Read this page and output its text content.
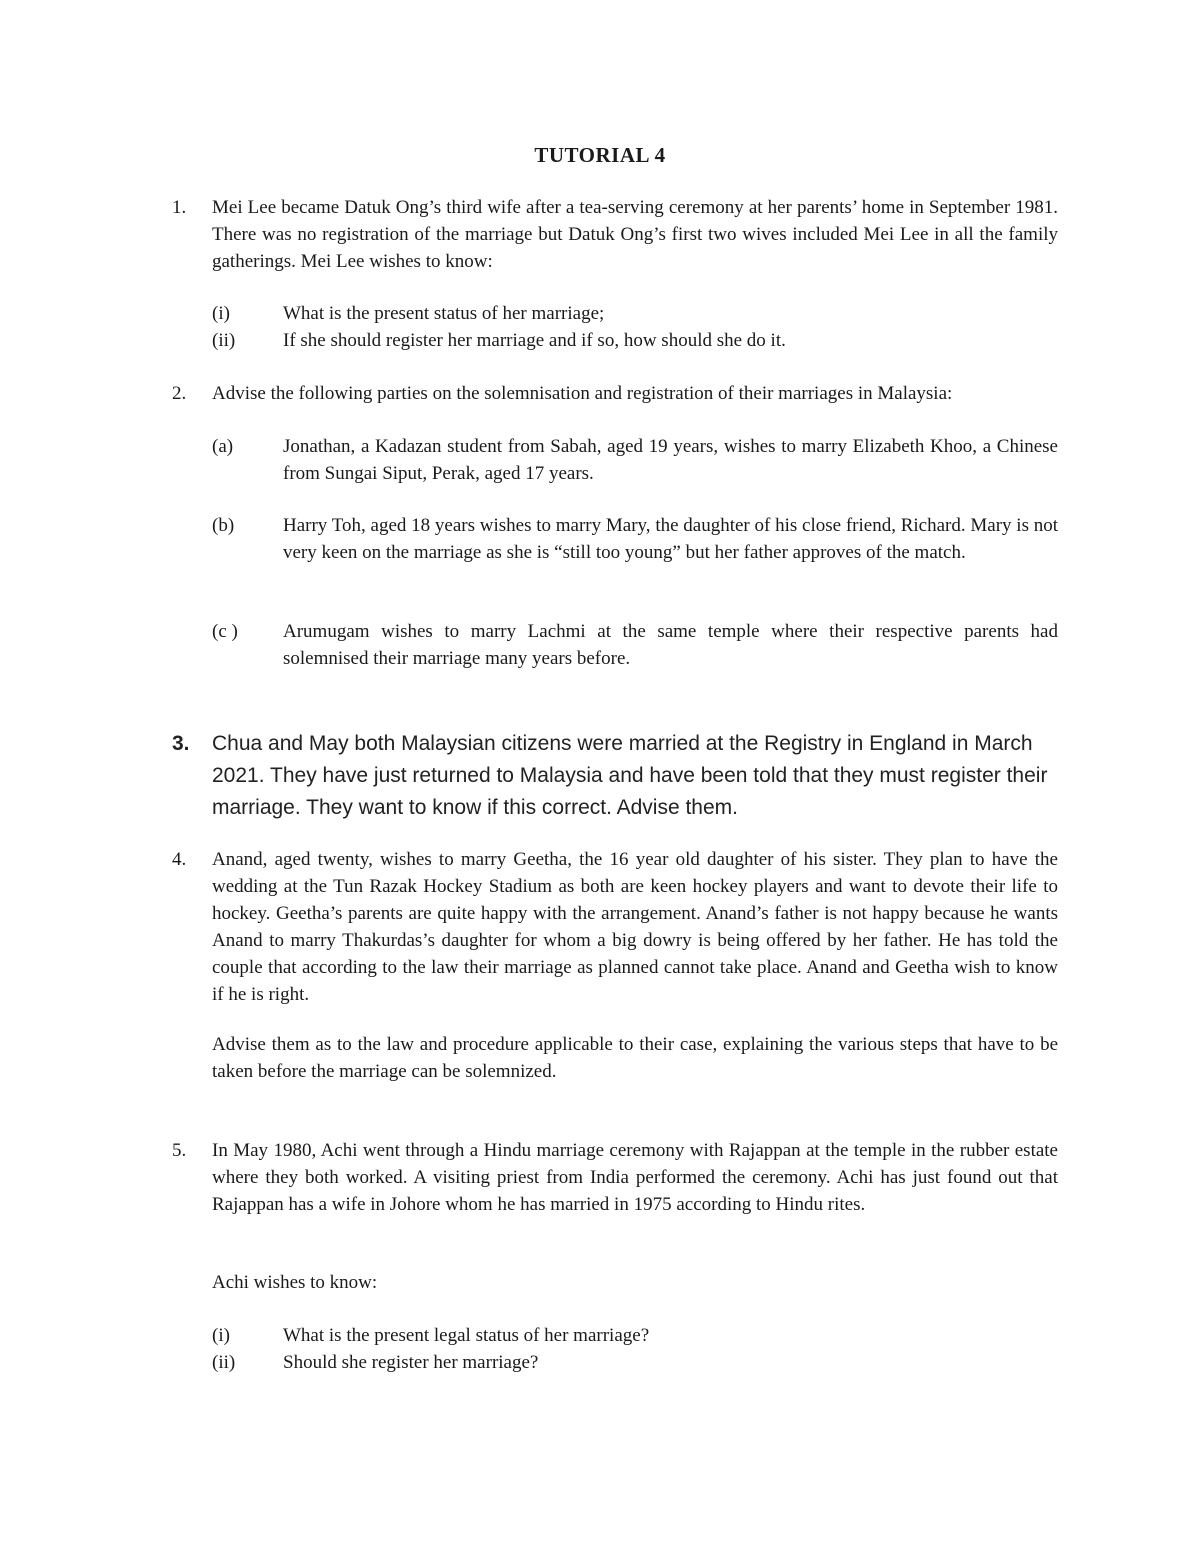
TUTORIAL 4
1.	Mei Lee became Datuk Ong’s third wife after a tea-serving ceremony at her parents’ home in September 1981. There was no registration of the marriage but Datuk Ong’s first two wives included Mei Lee in all the family gatherings. Mei Lee wishes to know:
(i)	What is the present status of her marriage;
(ii)	If she should register her marriage and if so, how should she do it.
2.	Advise the following parties on the solemnisation and registration of their marriages in Malaysia:
(a)	Jonathan, a Kadazan student from Sabah, aged 19 years, wishes to marry Elizabeth Khoo, a Chinese from Sungai Siput, Perak, aged 17 years.
(b)	Harry Toh, aged 18 years wishes to marry Mary, the daughter of his close friend, Richard. Mary is not very keen on the marriage as she is “still too young” but her father approves of the match.
(c )	Arumugam wishes to marry Lachmi at the same temple where their respective parents had solemnised their marriage many years before.
3. Chua and May both Malaysian citizens were married at the Registry in England in March 2021. They have just returned to Malaysia and have been told that they must register their marriage. They want to know if this correct. Advise them.
4.	Anand, aged twenty, wishes to marry Geetha, the 16 year old daughter of his sister. They plan to have the wedding at the Tun Razak Hockey Stadium as both are keen hockey players and want to devote their life to hockey. Geetha’s parents are quite happy with the arrangement. Anand’s father is not happy because he wants Anand to marry Thakurdas’s daughter for whom a big dowry is being offered by her father. He has told the couple that according to the law their marriage as planned cannot take place. Anand and Geetha wish to know if he is right.
Advise them as to the law and procedure applicable to their case, explaining the various steps that have to be taken before the marriage can be solemnized.
5.	In May 1980, Achi went through a Hindu marriage ceremony with Rajappan at the temple in the rubber estate where they both worked. A visiting priest from India performed the ceremony. Achi has just found out that Rajappan has a wife in Johore whom he has married in 1975 according to Hindu rites.
Achi wishes to know:
(i)	What is the present legal status of her marriage?
(ii)	Should she register her marriage?
